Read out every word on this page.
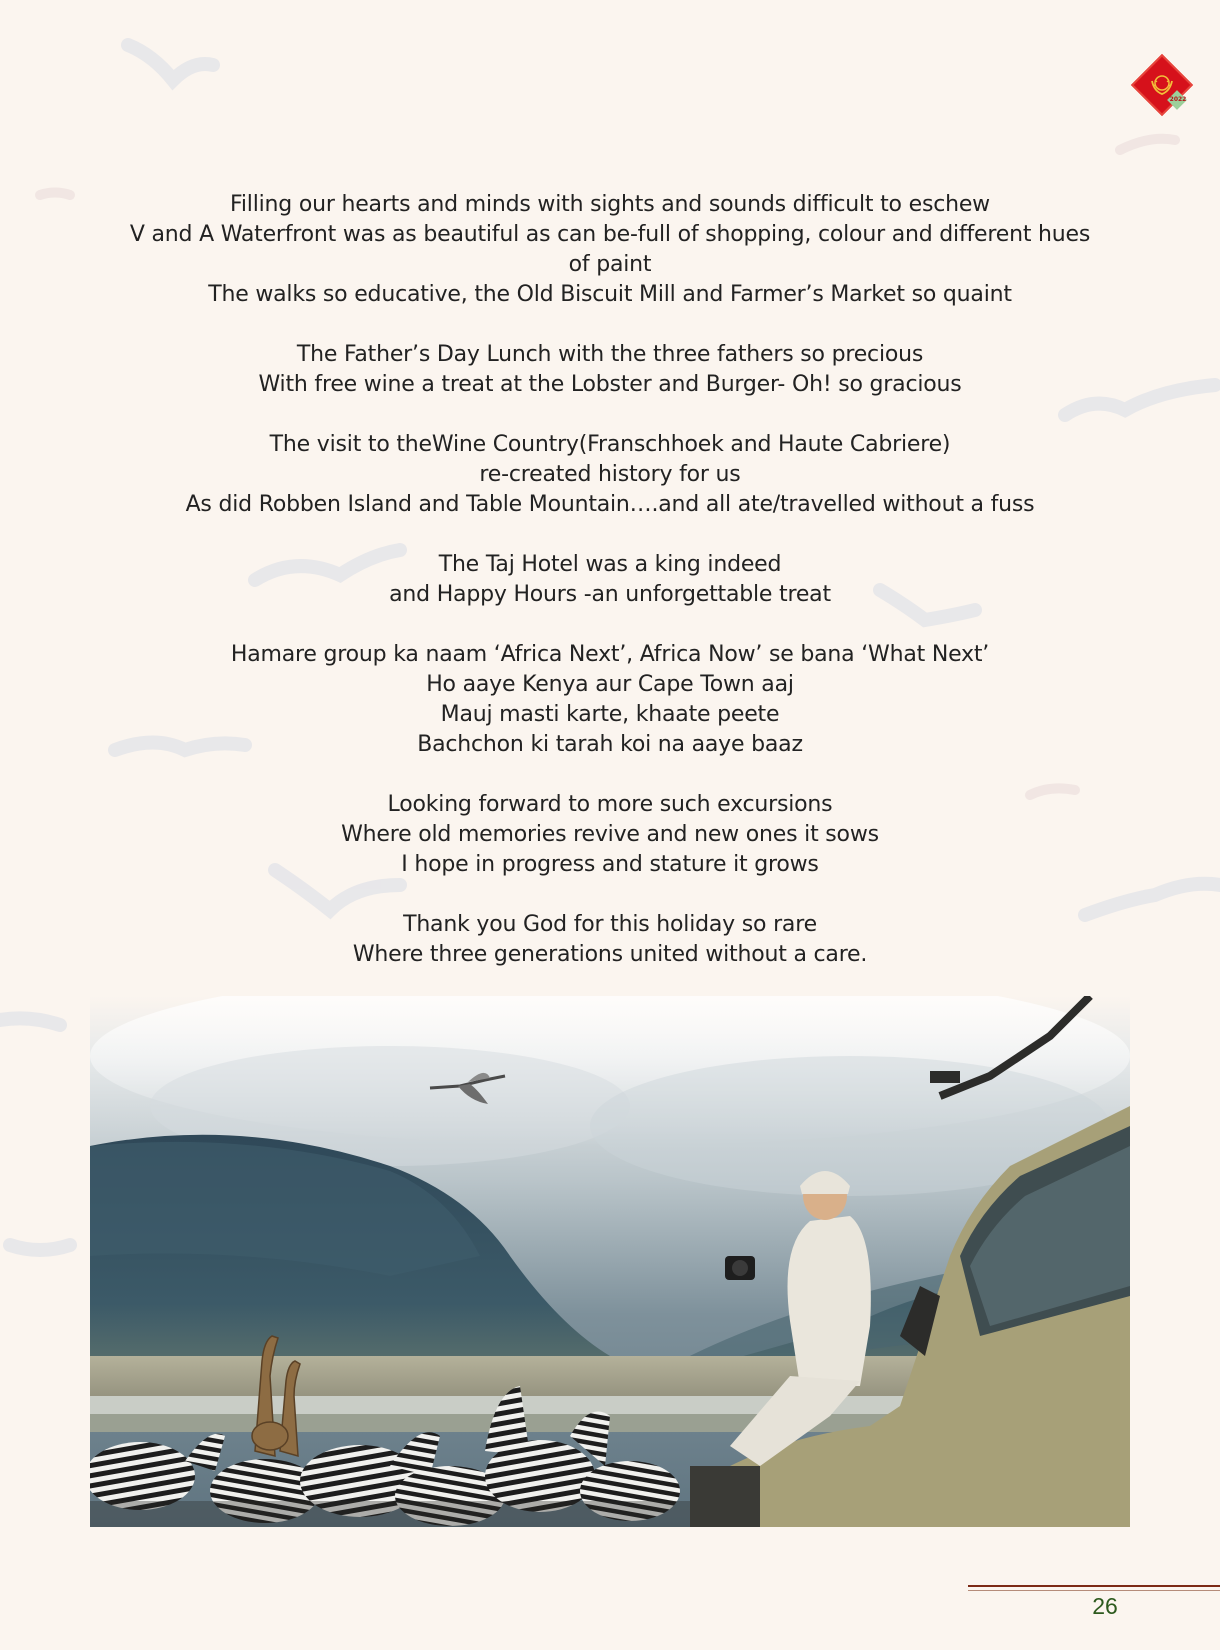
2022
Filling our hearts and minds with sights and sounds difficult to eschew
V and A Waterfront was as beautiful as can be-full of shopping, colour and different hues
of paint
The walks so educative, the Old Biscuit Mill and Farmer’s Market so quaint
The Father’s Day Lunch with the three fathers so precious
With free wine a treat at the Lobster and Burger- Oh! so gracious
The visit to theWine Country(Franschhoek and Haute Cabriere)
re-created history for us
As did Robben Island and Table Mountain….and all ate/travelled without a fuss
The Taj Hotel was a king indeed
and Happy Hours -an unforgettable treat
Hamare group ka naam ‘Africa Next’, Africa Now’ se bana ‘What Next’
Ho aaye Kenya aur Cape Town aaj
Mauj masti karte, khaate peete
Bachchon ki tarah koi na aaye baaz
Looking forward to more such excursions
Where old memories revive and new ones it sows
I hope in progress and stature it grows
Thank you God for this holiday so rare
Where three generations united without a care.
26
